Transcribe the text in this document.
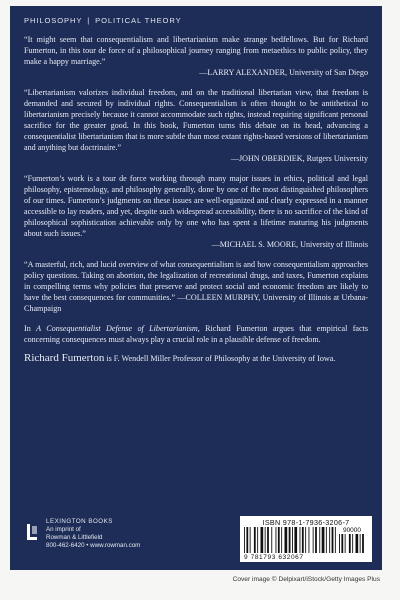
PHILOSOPHY | POLITICAL THEORY

“It might seem that consequentialism and libertarianism make strange bedfellows. But for Richard Fumerton, in this tour de force of a philosophical journey ranging from metaethics to public policy, they make a happy marriage.”
—LARRY ALEXANDER, University of San Diego

“Libertarianism valorizes individual freedom, and on the traditional libertarian view, that freedom is demanded and secured by individual rights. Consequentialism is often thought to be antithetical to libertarianism precisely because it cannot accommodate such rights, instead requiring significant personal sacrifice for the greater good. In this book, Fumerton turns this debate on its head, advancing a consequentialist libertarianism that is more subtle than most extant rights-based versions of libertarianism and anything but doctrinaire.”
—JOHN OBERDIEK, Rutgers University

“Fumerton’s work is a tour de force working through many major issues in ethics, political and legal philosophy, epistemology, and philosophy generally, done by one of the most distinguished philosophers of our times. Fumerton’s judgments on these issues are well-organized and clearly expressed in a manner accessible to lay readers, and yet, despite such widespread accessibility, there is no sacrifice of the kind of philosophical sophistication achievable only by one who has spent a lifetime maturing his judgments about such issues.”
—MICHAEL S. MOORE, University of Illinois

“A masterful, rich, and lucid overview of what consequentialism is and how consequentialism approaches policy questions. Taking on abortion, the legalization of recreational drugs, and taxes, Fumerton explains in compelling terms why policies that preserve and protect social and economic freedom are likely to have the best consequences for communities.” —COLLEEN MURPHY, University of Illinois at Urbana-Champaign

In A Consequentialist Defense of Libertarianism, Richard Fumerton argues that empirical facts concerning consequences must always play a crucial role in a plausible defense of freedom.

Richard Fumerton is F. Wendell Miller Professor of Philosophy at the University of Iowa.

LEXINGTON BOOKS
An imprint of
Rowman & Littlefield
800-462-6420 • www.rowman.com
ISBN 978-1-7936-3206-7
90000
9 781793 632067
Cover image © Delpixart/iStock/Getty Images Plus
